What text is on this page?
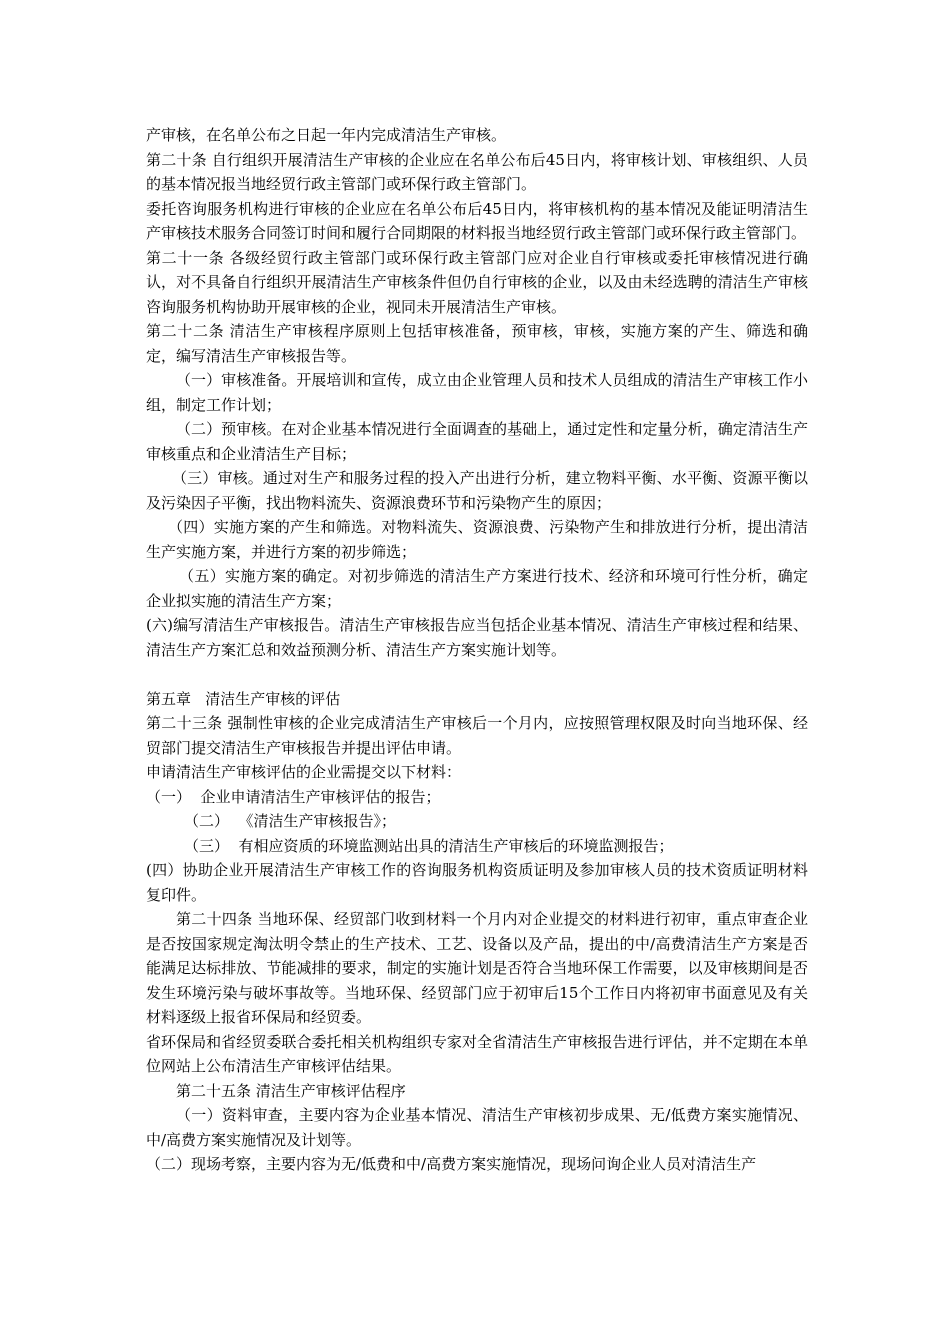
产审核，在名单公布之日起一年内完成清洁生产审核。

第二十条 自行组织开展清洁生产审核的企业应在名单公布后45日内，将审核计划、审核组织、人员的基本情况报当地经贸行政主管部门或环保行政主管部门。

委托咨询服务机构进行审核的企业应在名单公布后45日内，将审核机构的基本情况及能证明清洁生产审核技术服务合同签订时间和履行合同期限的材料报当地经贸行政主管部门或环保行政主管部门。

第二十一条 各级经贸行政主管部门或环保行政主管部门应对企业自行审核或委托审核情况进行确认，对不具备自行组织开展清洁生产审核条件但仍自行审核的企业，以及由未经选聘的清洁生产审核咨询服务机构协助开展审核的企业，视同未开展清洁生产审核。

第二十二条 清洁生产审核程序原则上包括审核准备，预审核，审核，实施方案的产生、筛选和确定，编写清洁生产审核报告等。

（一）审核准备。开展培训和宣传，成立由企业管理人员和技术人员组成的清洁生产审核工作小组，制定工作计划；

（二）预审核。在对企业基本情况进行全面调查的基础上，通过定性和定量分析，确定清洁生产审核重点和企业清洁生产目标；

（三）审核。通过对生产和服务过程的投入产出进行分析，建立物料平衡、水平衡、资源平衡以及污染因子平衡，找出物料流失、资源浪费环节和污染物产生的原因；

（四）实施方案的产生和筛选。对物料流失、资源浪费、污染物产生和排放进行分析，提出清洁生产实施方案，并进行方案的初步筛选；

（五）实施方案的确定。对初步筛选的清洁生产方案进行技术、经济和环境可行性分析，确定企业拟实施的清洁生产方案；

(六)编写清洁生产审核报告。清洁生产审核报告应当包括企业基本情况、清洁生产审核过程和结果、清洁生产方案汇总和效益预测分析、清洁生产方案实施计划等。

第五章   清洁生产审核的评估

第二十三条 强制性审核的企业完成清洁生产审核后一个月内，应按照管理权限及时向当地环保、经贸部门提交清洁生产审核报告并提出评估申请。

申请清洁生产审核评估的企业需提交以下材料：

（一）  企业申请清洁生产审核评估的报告；

（二）  《清洁生产审核报告》；

（三）  有相应资质的环境监测站出具的清洁生产审核后的环境监测报告；

(四）协助企业开展清洁生产审核工作的咨询服务机构资质证明及参加审核人员的技术资质证明材料复印件。

第二十四条 当地环保、经贸部门收到材料一个月内对企业提交的材料进行初审，重点审查企业是否按国家规定淘汰明令禁止的生产技术、工艺、设备以及产品，提出的中/高费清洁生产方案是否能满足达标排放、节能减排的要求，制定的实施计划是否符合当地环保工作需要，以及审核期间是否发生环境污染与破坏事故等。当地环保、经贸部门应于初审后15个工作日内将初审书面意见及有关材料逐级上报省环保局和经贸委。

省环保局和省经贸委联合委托相关机构组织专家对全省清洁生产审核报告进行评估，并不定期在本单位网站上公布清洁生产审核评估结果。

第二十五条 清洁生产审核评估程序

（一）资料审查，主要内容为企业基本情况、清洁生产审核初步成果、无/低费方案实施情况、中/高费方案实施情况及计划等。

（二）现场考察，主要内容为无/低费和中/高费方案实施情况，现场问询企业人员对清洁生产
